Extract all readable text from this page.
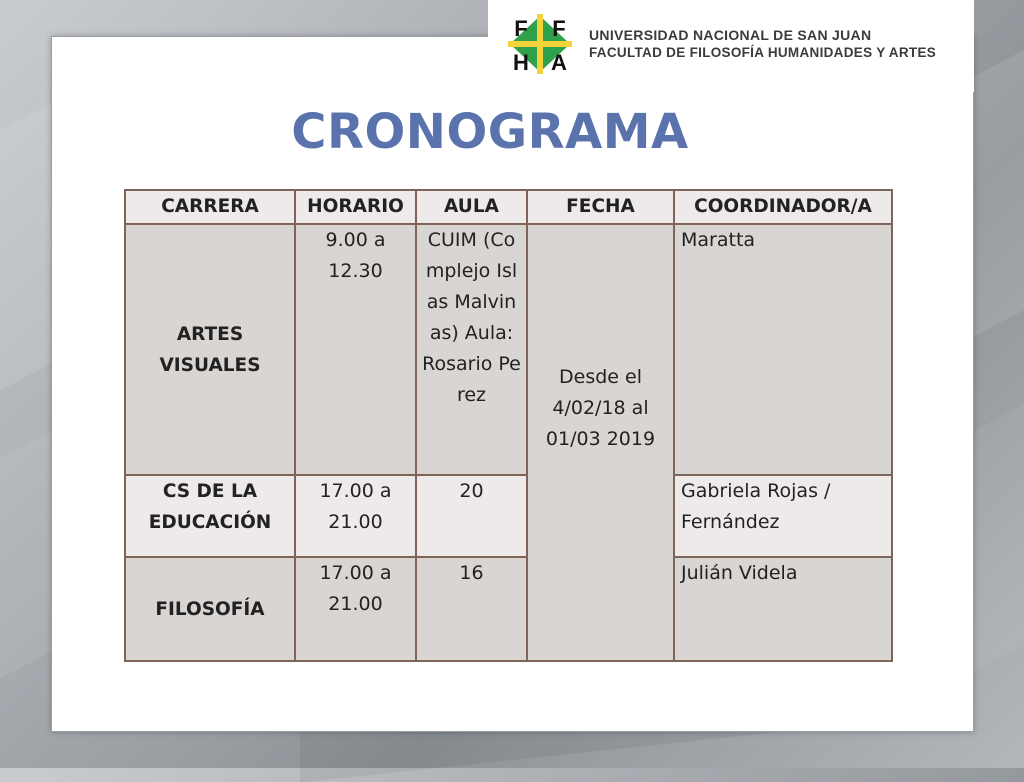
F F
H A
UNIVERSIDAD NACIONAL DE SAN JUAN
FACULTAD DE FILOSOFÍA HUMANIDADES Y ARTES
CRONOGRAMA
CARRERA	HORARIO	AULA	FECHA	COORDINADOR/A

ARTES VISUALES	9.00 a 12.30	CUIM (Complejo Islas Malvinas) Aula: Rosario Perez	Desde el 4/02/18 al 01/03 2019	Maratta

CS DE LA EDUCACIÓN	17.00 a 21.00	20		Gabriela Rojas / Fernández

FILOSOFÍA	17.00 a 21.00	16		Julián Videla
